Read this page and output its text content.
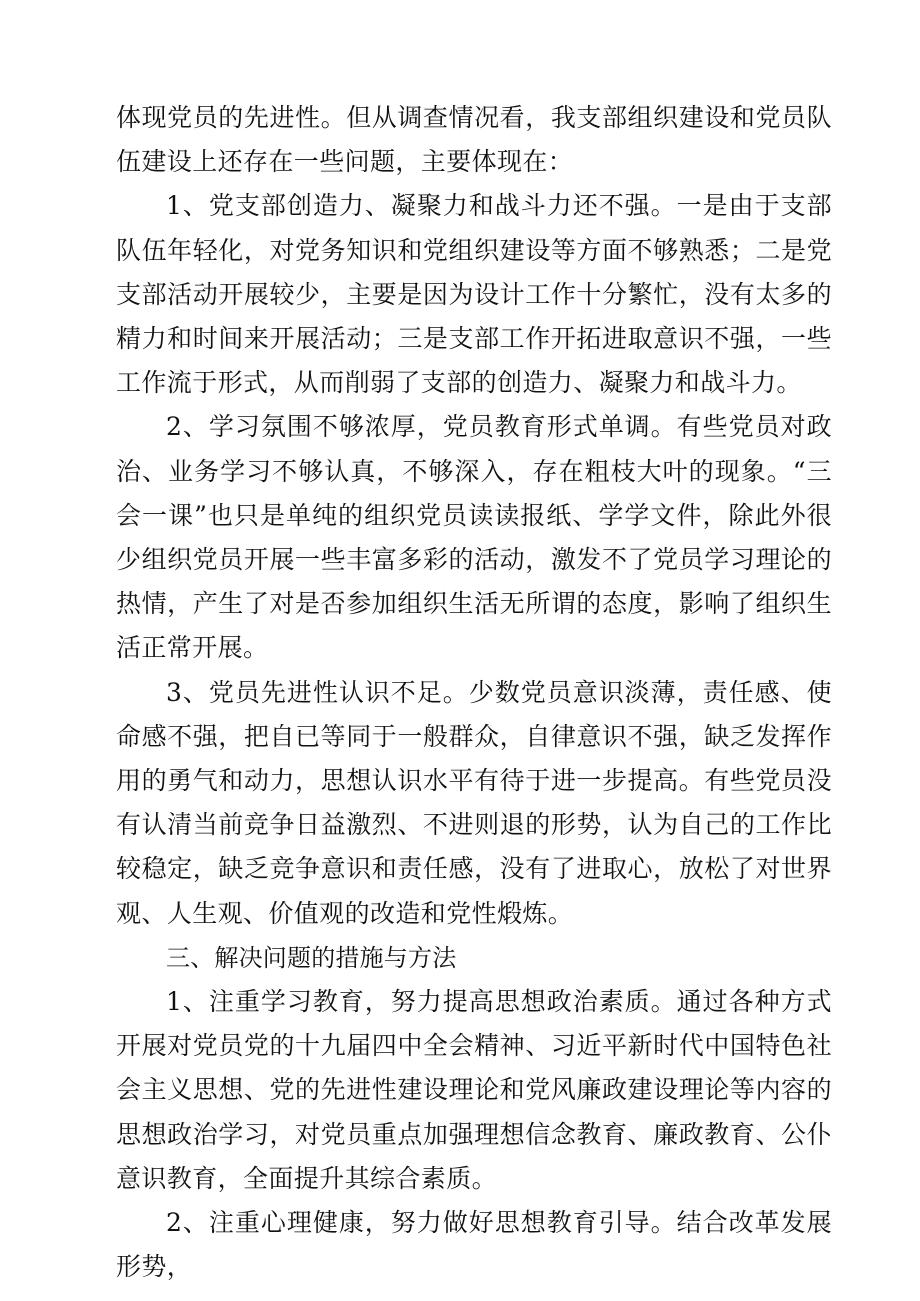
体现党员的先进性。但从调查情况看，我支部组织建设和党员队伍建设上还存在一些问题，主要体现在：

1、党支部创造力、凝聚力和战斗力还不强。一是由于支部队伍年轻化，对党务知识和党组织建设等方面不够熟悉；二是党支部活动开展较少，主要是因为设计工作十分繁忙，没有太多的精力和时间来开展活动；三是支部工作开拓进取意识不强，一些工作流于形式，从而削弱了支部的创造力、凝聚力和战斗力。

2、学习氛围不够浓厚，党员教育形式单调。有些党员对政治、业务学习不够认真，不够深入，存在粗枝大叶的现象。“三会一课”也只是单纯的组织党员读读报纸、学学文件，除此外很少组织党员开展一些丰富多彩的活动，激发不了党员学习理论的热情，产生了对是否参加组织生活无所谓的态度，影响了组织生活正常开展。

3、党员先进性认识不足。少数党员意识淡薄，责任感、使命感不强，把自已等同于一般群众，自律意识不强，缺乏发挥作用的勇气和动力，思想认识水平有待于进一步提高。有些党员没有认清当前竞争日益激烈、不进则退的形势，认为自己的工作比较稳定，缺乏竞争意识和责任感，没有了进取心，放松了对世界观、人生观、价值观的改造和党性煅炼。

三、解决问题的措施与方法

1、注重学习教育，努力提高思想政治素质。通过各种方式开展对党员党的十九届四中全会精神、习近平新时代中国特色社会主义思想、党的先进性建设理论和党风廉政建设理论等内容的思想政治学习，对党员重点加强理想信念教育、廉政教育、公仆意识教育，全面提升其综合素质。

2、注重心理健康，努力做好思想教育引导。结合改革发展形势，
